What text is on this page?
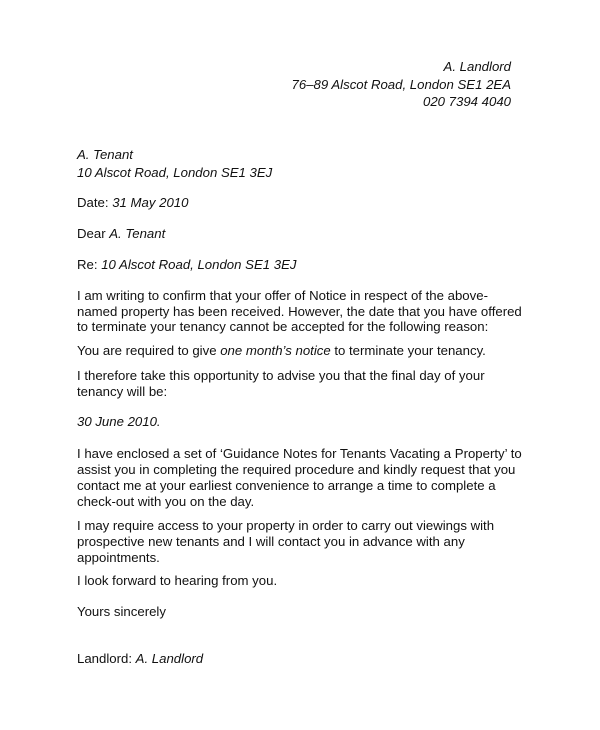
A. Landlord

76–89 Alscot Road, London SE1 2EA

020 7394 4040

A. Tenant

10 Alscot Road, London SE1 3EJ

Date: 31 May 2010

Dear A. Tenant

Re: 10 Alscot Road, London SE1 3EJ

I am writing to confirm that your offer of Notice in respect of the above-

named property has been received. However, the date that you have offered

to terminate your tenancy cannot be accepted for the following reason:

You are required to give one month’s notice to terminate your tenancy.

I therefore take this opportunity to advise you that the final day of your

tenancy will be:

30 June 2010.

I have enclosed a set of ‘Guidance Notes for Tenants Vacating a Property’ to

assist you in completing the required procedure and kindly request that you

contact me at your earliest convenience to arrange a time to complete a

check-out with you on the day.

I may require access to your property in order to carry out viewings with

prospective new tenants and I will contact you in advance with any

appointments.

I look forward to hearing from you.

Yours sincerely

Landlord: A. Landlord
